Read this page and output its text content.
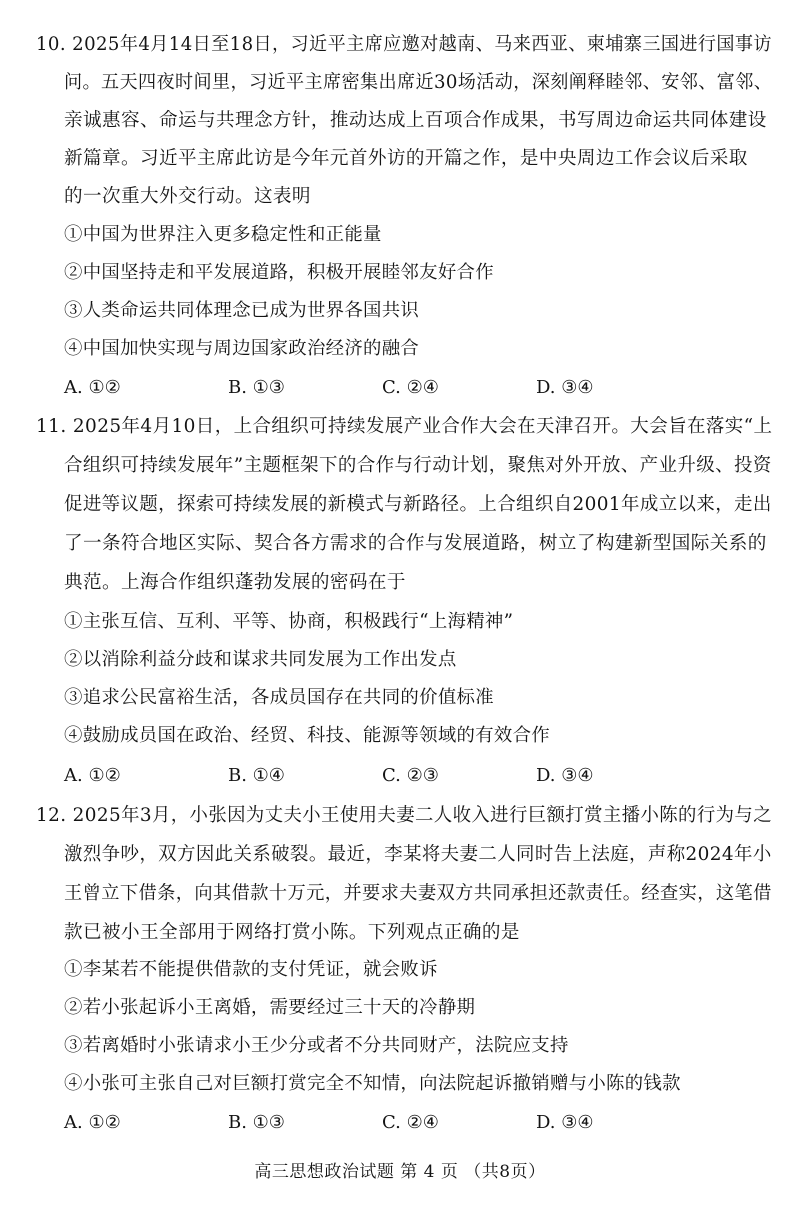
10. 2025年4月14日至18日，习近平主席应邀对越南、马来西亚、柬埔寨三国进行国事访
问。五天四夜时间里，习近平主席密集出席近30场活动，深刻阐释睦邻、安邻、富邻、
亲诚惠容、命运与共理念方针，推动达成上百项合作成果，书写周边命运共同体建设
新篇章。习近平主席此访是今年元首外访的开篇之作，是中央周边工作会议后采取
的一次重大外交行动。这表明
①中国为世界注入更多稳定性和正能量
②中国坚持走和平发展道路，积极开展睦邻友好合作
③人类命运共同体理念已成为世界各国共识
④中国加快实现与周边国家政治经济的融合
A. ①②	B. ①③	C. ②④	D. ③④
11. 2025年4月10日，上合组织可持续发展产业合作大会在天津召开。大会旨在落实“上
合组织可持续发展年”主题框架下的合作与行动计划，聚焦对外开放、产业升级、投资
促进等议题，探索可持续发展的新模式与新路径。上合组织自2001年成立以来，走出
了一条符合地区实际、契合各方需求的合作与发展道路，树立了构建新型国际关系的
典范。上海合作组织蓬勃发展的密码在于
①主张互信、互利、平等、协商，积极践行“上海精神”
②以消除利益分歧和谋求共同发展为工作出发点
③追求公民富裕生活，各成员国存在共同的价值标准
④鼓励成员国在政治、经贸、科技、能源等领域的有效合作
A. ①②	B. ①④	C. ②③	D. ③④
12. 2025年3月，小张因为丈夫小王使用夫妻二人收入进行巨额打赏主播小陈的行为与之
激烈争吵，双方因此关系破裂。最近，李某将夫妻二人同时告上法庭，声称2024年小
王曾立下借条，向其借款十万元，并要求夫妻双方共同承担还款责任。经查实，这笔借
款已被小王全部用于网络打赏小陈。下列观点正确的是
①李某若不能提供借款的支付凭证，就会败诉
②若小张起诉小王离婚，需要经过三十天的冷静期
③若离婚时小张请求小王少分或者不分共同财产，法院应支持
④小张可主张自己对巨额打赏完全不知情，向法院起诉撤销赠与小陈的钱款
A. ①②	B. ①③	C. ②④	D. ③④
高三思想政治试题 第 4 页 （共8页）
